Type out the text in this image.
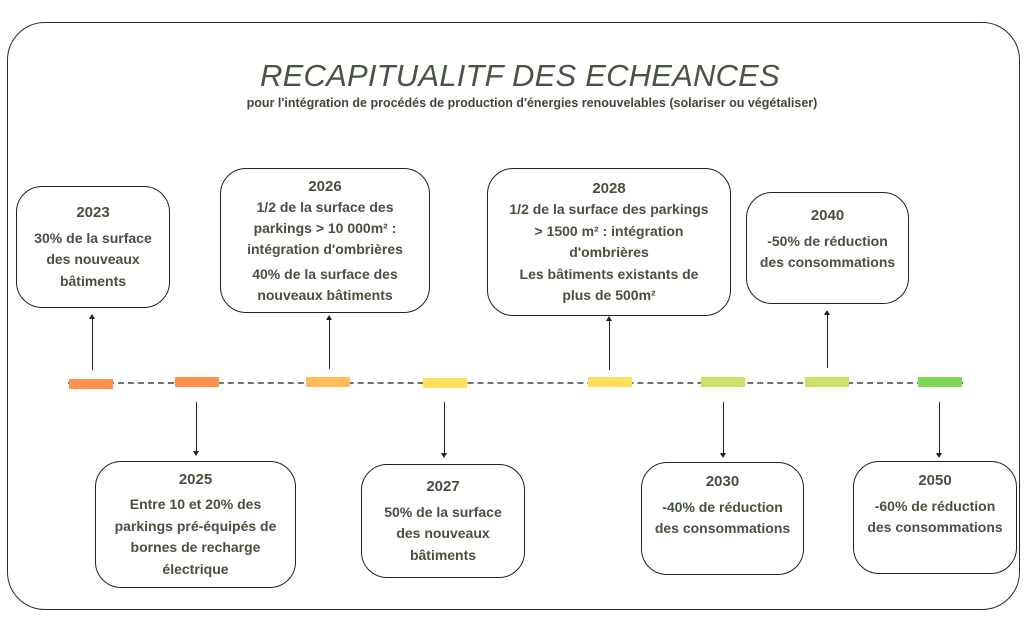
RECAPITUALITF DES ECHEANCES
pour l'intégration de procédés de production d'énergies renouvelables (solariser ou végétaliser)
2023
30% de la surface
des nouveaux
bâtiments
2026
1/2 de la surface des
parkings > 10 000m² :
intégration d'ombrières
40% de la surface des
nouveaux bâtiments
2028
1/2 de la surface des parkings
> 1500 m² : intégration
d'ombrières
Les bâtiments existants de
plus de 500m²
2040
-50% de réduction
des consommations
2025
Entre 10 et 20% des
parkings pré-équipés de
bornes de recharge
électrique
2027
50% de la surface
des nouveaux
bâtiments
2030
-40% de réduction
des consommations
2050
-60% de réduction
des consommations
